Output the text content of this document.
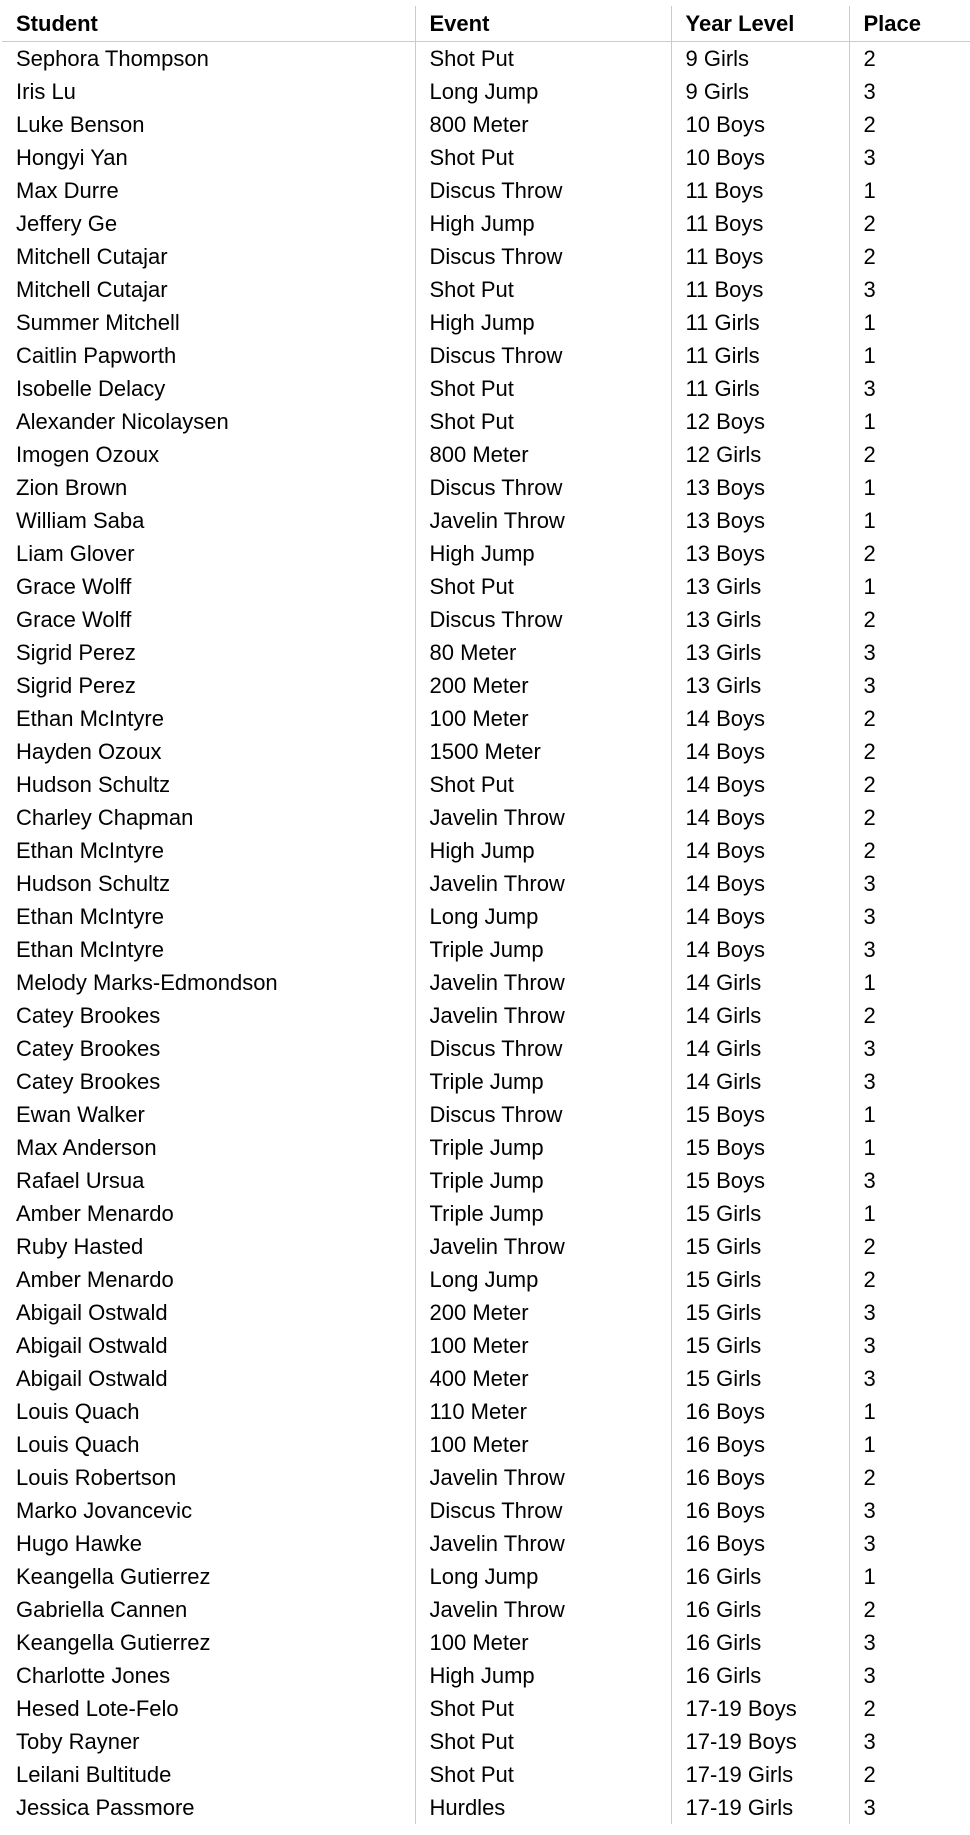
Student	Event	Year Level	Place
Sephora Thompson	Shot Put	9 Girls	2
Iris Lu	Long Jump	9 Girls	3
Luke Benson	800 Meter	10 Boys	2
Hongyi Yan	Shot Put	10 Boys	3
Max Durre	Discus Throw	11 Boys	1
Jeffery Ge	High Jump	11 Boys	2
Mitchell Cutajar	Discus Throw	11 Boys	2
Mitchell Cutajar	Shot Put	11 Boys	3
Summer Mitchell	High Jump	11 Girls	1
Caitlin Papworth	Discus Throw	11 Girls	1
Isobelle Delacy	Shot Put	11 Girls	3
Alexander Nicolaysen	Shot Put	12 Boys	1
Imogen Ozoux	800 Meter	12 Girls	2
Zion Brown	Discus Throw	13 Boys	1
William Saba	Javelin Throw	13 Boys	1
Liam Glover	High Jump	13 Boys	2
Grace Wolff	Shot Put	13 Girls	1
Grace Wolff	Discus Throw	13 Girls	2
Sigrid Perez	80 Meter	13 Girls	3
Sigrid Perez	200 Meter	13 Girls	3
Ethan McIntyre	100 Meter	14 Boys	2
Hayden Ozoux	1500 Meter	14 Boys	2
Hudson Schultz	Shot Put	14 Boys	2
Charley Chapman	Javelin Throw	14 Boys	2
Ethan McIntyre	High Jump	14 Boys	2
Hudson Schultz	Javelin Throw	14 Boys	3
Ethan McIntyre	Long Jump	14 Boys	3
Ethan McIntyre	Triple Jump	14 Boys	3
Melody Marks-Edmondson	Javelin Throw	14 Girls	1
Catey Brookes	Javelin Throw	14 Girls	2
Catey Brookes	Discus Throw	14 Girls	3
Catey Brookes	Triple Jump	14 Girls	3
Ewan Walker	Discus Throw	15 Boys	1
Max Anderson	Triple Jump	15 Boys	1
Rafael Ursua	Triple Jump	15 Boys	3
Amber Menardo	Triple Jump	15 Girls	1
Ruby Hasted	Javelin Throw	15 Girls	2
Amber Menardo	Long Jump	15 Girls	2
Abigail Ostwald	200 Meter	15 Girls	3
Abigail Ostwald	100 Meter	15 Girls	3
Abigail Ostwald	400 Meter	15 Girls	3
Louis Quach	110 Meter	16 Boys	1
Louis Quach	100 Meter	16 Boys	1
Louis Robertson	Javelin Throw	16 Boys	2
Marko Jovancevic	Discus Throw	16 Boys	3
Hugo Hawke	Javelin Throw	16 Boys	3
Keangella Gutierrez	Long Jump	16 Girls	1
Gabriella Cannen	Javelin Throw	16 Girls	2
Keangella Gutierrez	100 Meter	16 Girls	3
Charlotte Jones	High Jump	16 Girls	3
Hesed Lote-Felo	Shot Put	17-19 Boys	2
Toby Rayner	Shot Put	17-19 Boys	3
Leilani Bultitude	Shot Put	17-19 Girls	2
Jessica Passmore	Hurdles	17-19 Girls	3
